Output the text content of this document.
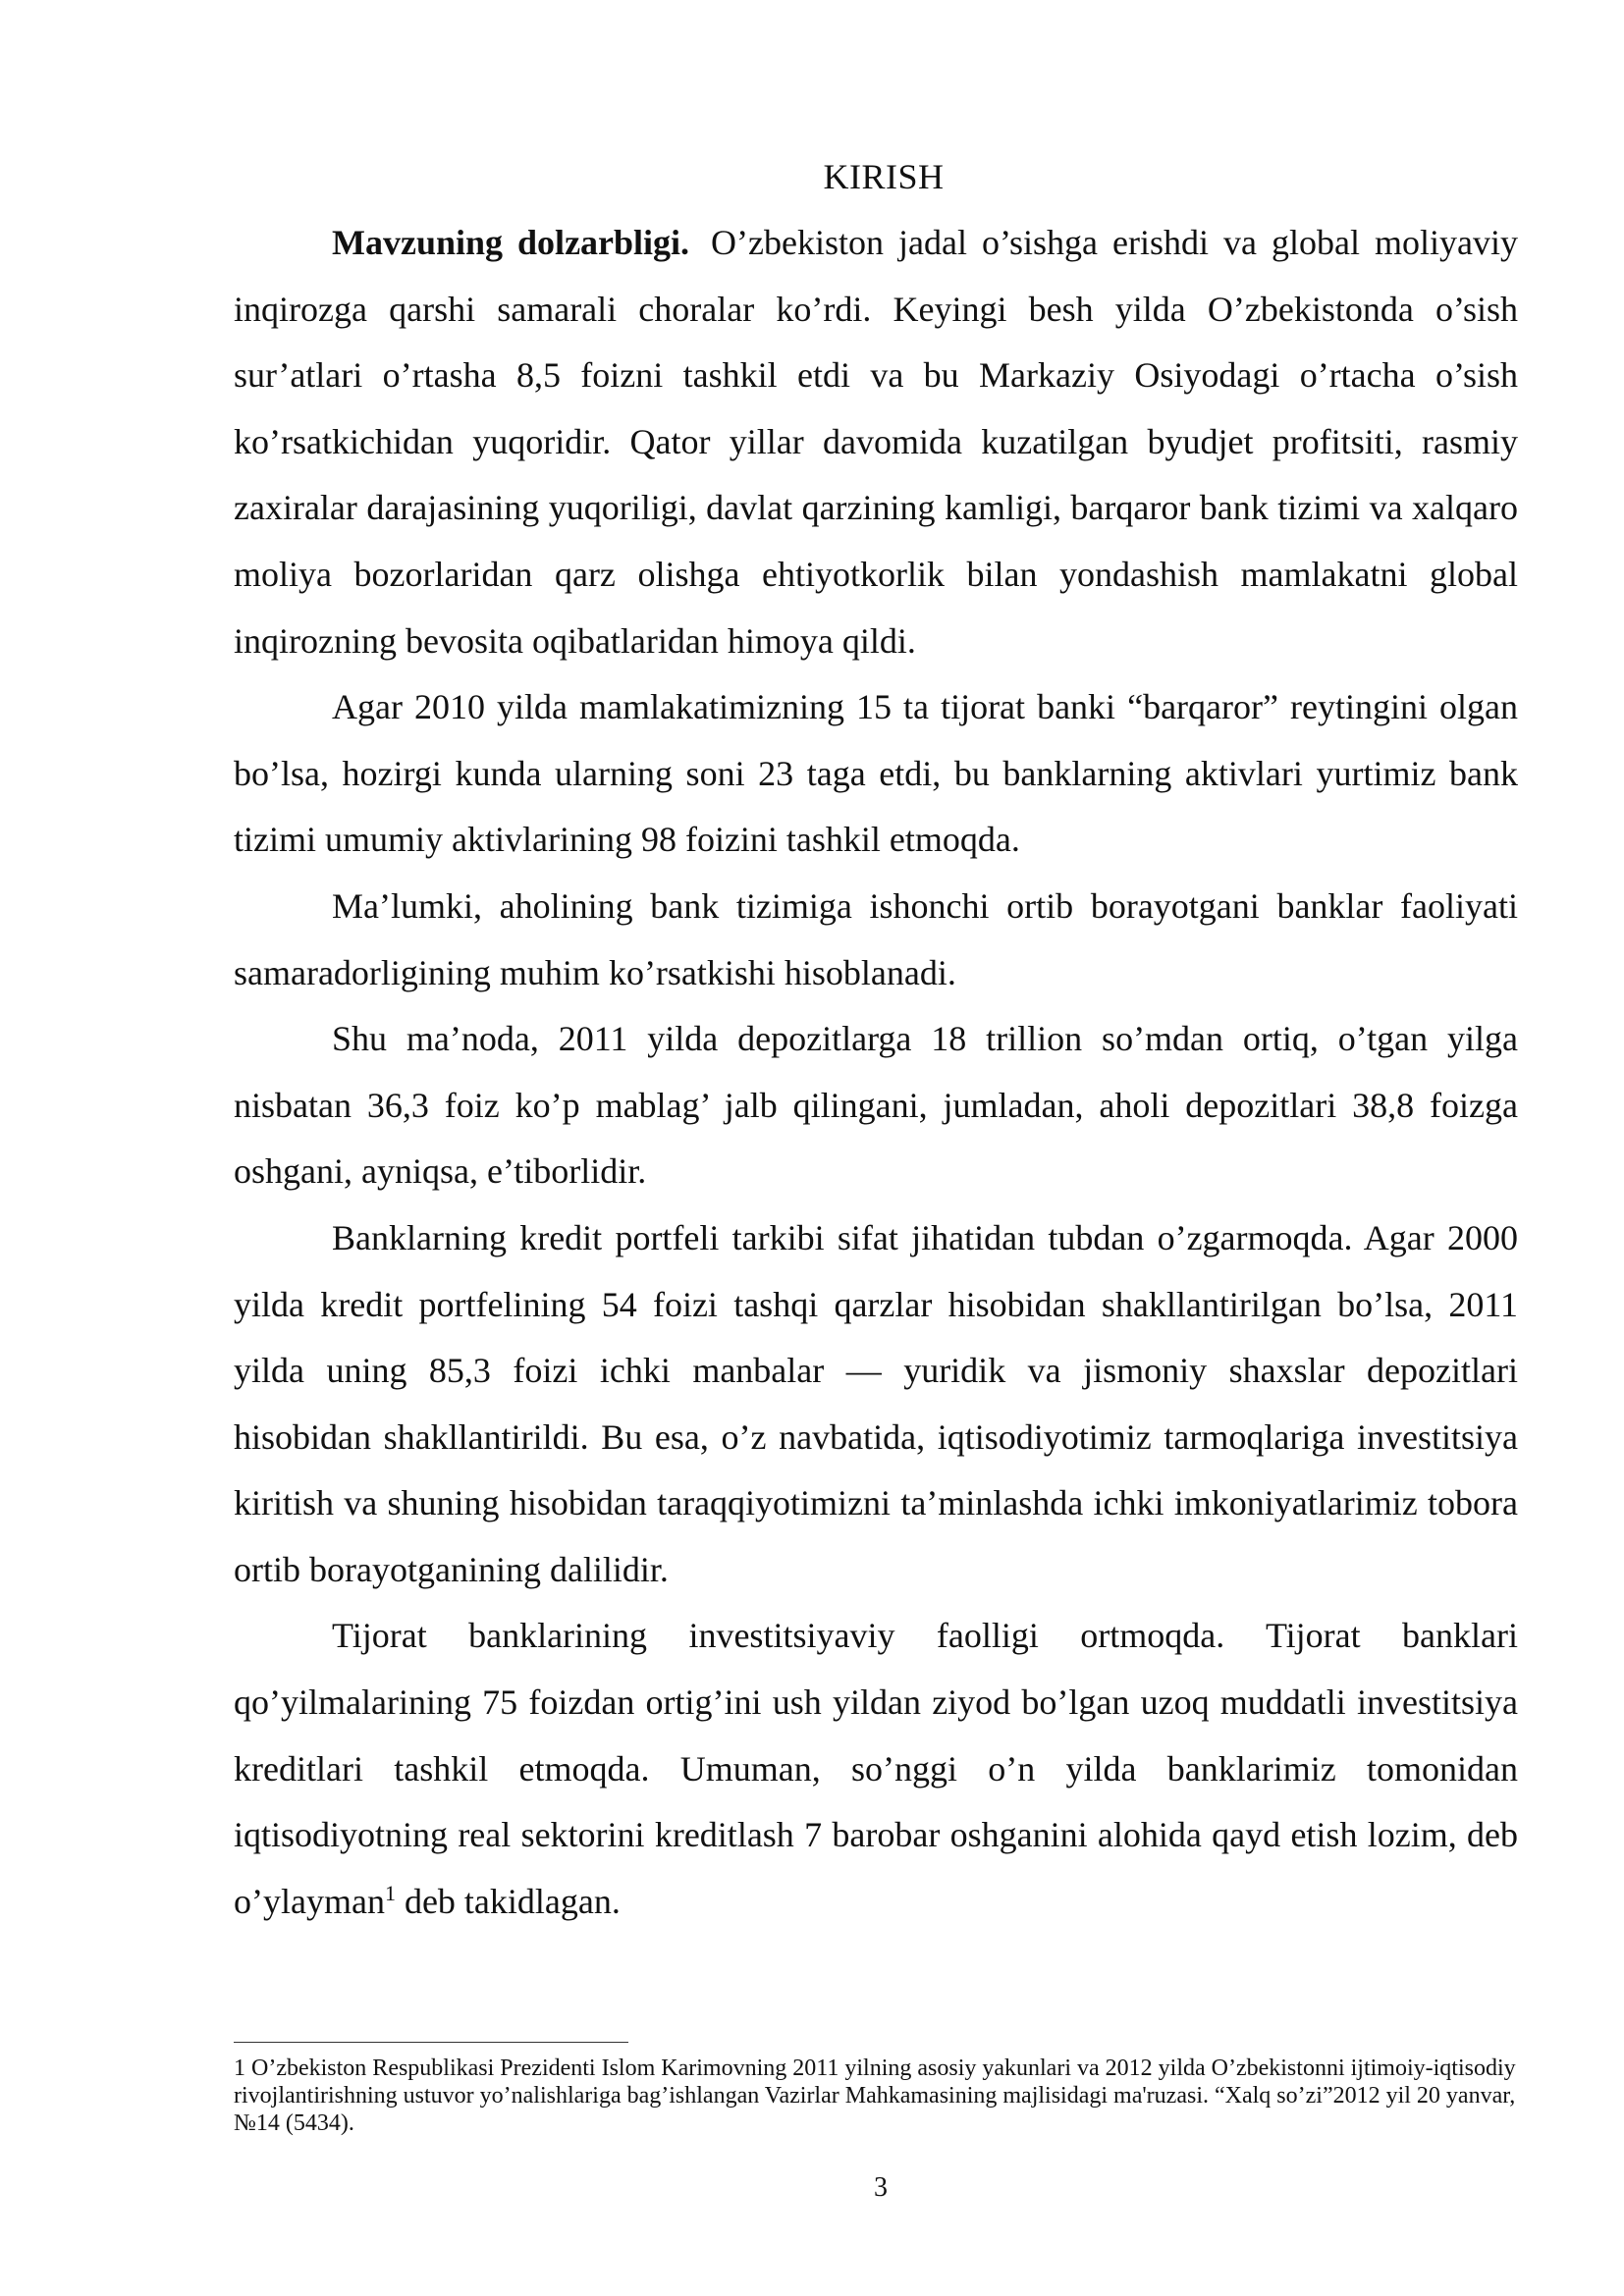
KIRISH

Mavzuning dolzarbligi. O’zbekiston jadal o’sishga erishdi va global moliyaviy inqirozga qarshi samarali choralar ko’rdi. Keyingi besh yilda O’zbekistonda o’sish sur’atlari o’rtasha 8,5 foizni tashkil etdi va bu Markaziy Osiyodagi o’rtacha o’sish ko’rsatkichidan yuqoridir. Qator yillar davomida kuzatilgan byudjet profitsiti, rasmiy zaxiralar darajasining yuqoriligi, davlat qarzining kamligi, barqaror bank tizimi va xalqaro moliya bozorlaridan qarz olishga ehtiyotkorlik bilan yondashish mamlakatni global inqirozning bevosita oqibatlaridan himoya qildi.

Agar 2010 yilda mamlakatimizning 15 ta tijorat banki “barqaror” reytingini olgan bo’lsa, hozirgi kunda ularning soni 23 taga etdi, bu banklarning aktivlari yurtimiz bank tizimi umumiy aktivlarining 98 foizini tashkil etmoqda.

Ma’lumki, aholining bank tizimiga ishonchi ortib borayotgani banklar faoliyati samaradorligining muhim ko’rsatkishi hisoblanadi.

Shu ma’noda, 2011 yilda depozitlarga 18 trillion so’mdan ortiq, o’tgan yilga nisbatan 36,3 foiz ko’p mablag’ jalb qilingani, jumladan, aholi depozitlari 38,8 foizga oshgani, ayniqsa, e’tiborlidir.

Banklarning kredit portfeli tarkibi sifat jihatidan tubdan o’zgarmoqda. Agar 2000 yilda kredit portfelining 54 foizi tashqi qarzlar hisobidan shakllantirilgan bo’lsa, 2011 yilda uning 85,3 foizi ichki manbalar — yuridik va jismoniy shaxslar depozitlari hisobidan shakllantirildi. Bu esa, o’z navbatida, iqtisodiyotimiz tarmoqlariga investitsiya kiritish va shuning hisobidan taraqqiyotimizni ta’minlashda ichki imkoniyatlarimiz tobora ortib borayotganining dalilidir.

Tijorat banklarining investitsiyaviy faolligi ortmoqda. Tijorat banklari qo’yilmalarining 75 foizdan ortig’ini ush yildan ziyod bo’lgan uzoq muddatli investitsiya kreditlari tashkil etmoqda. Umuman, so’nggi o’n yilda banklarimiz tomonidan iqtisodiyotning real sektorini kreditlash 7 barobar oshganini alohida qayd etish lozim, deb o’ylayman$^1$ deb takidlagan.

1 O’zbekiston Respublikasi Prezidenti Islom Karimovning 2011 yilning asosiy yakunlari va 2012 yilda O’zbekistonni ijtimoiy-iqtisodiy rivojlantirishning ustuvor yo’nalishlariga bag’ishlangan Vazirlar Mahkamasining majlisidagi ma'ruzasi. “Xalq so’zi”2012 yil 20 yanvar, №14 (5434).

3
